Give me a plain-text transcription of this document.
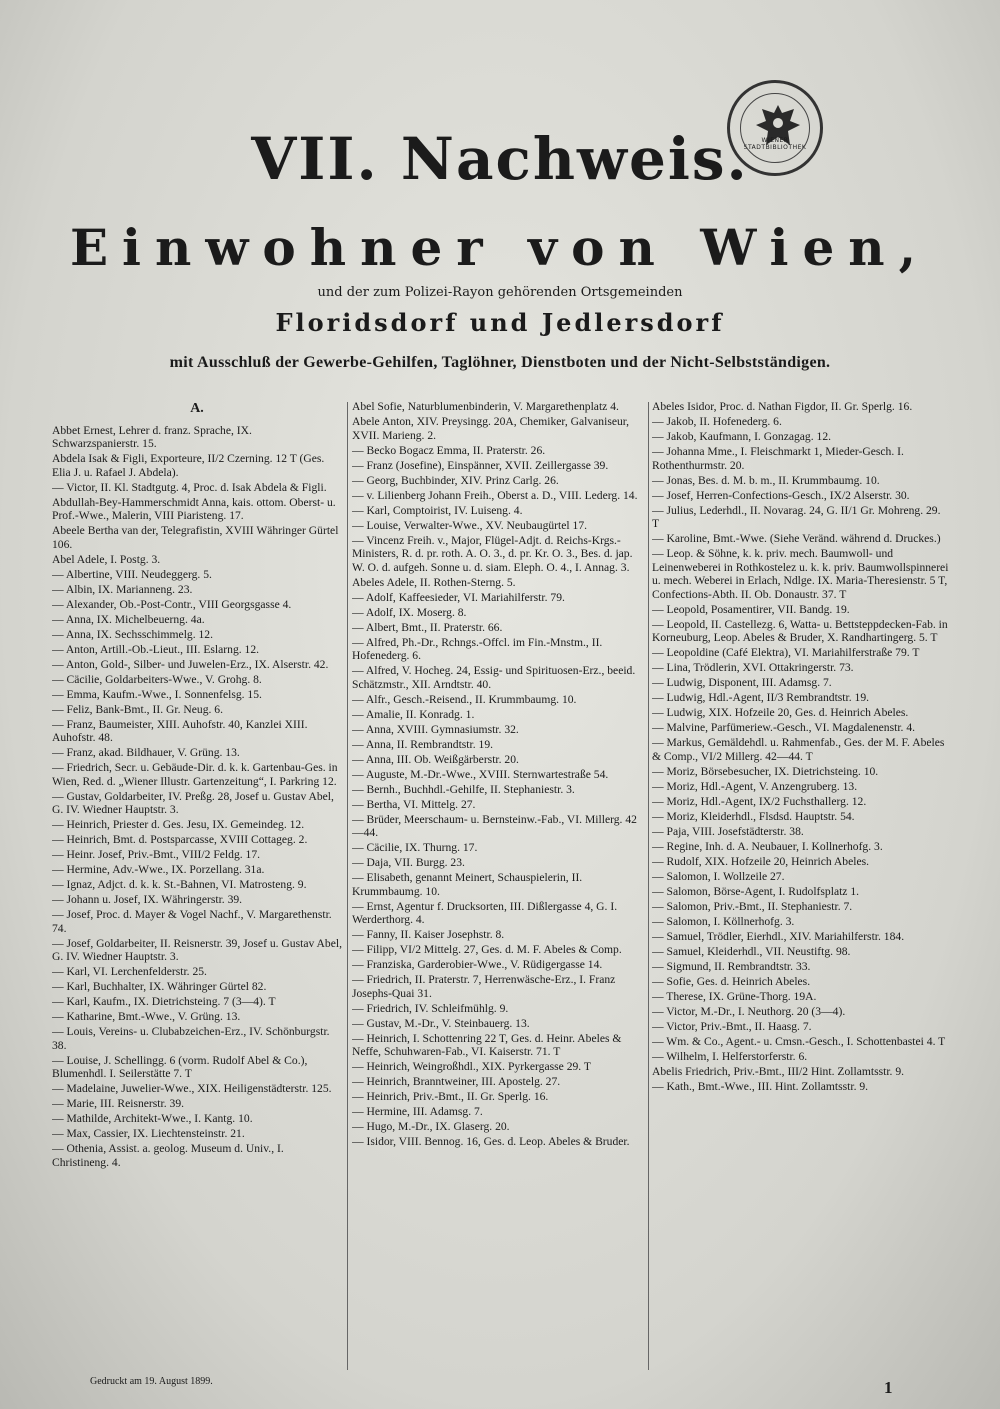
WIENER STADTBIBLIOTHEK
VII. Nachweis.
Einwohner von Wien,
und der zum Polizei-Rayon gehörenden Ortsgemeinden
Floridsdorf und Jedlersdorf
mit Ausschluß der Gewerbe-Gehilfen, Taglöhner, Dienstboten und der Nicht-Selbstständigen.
A.
Abbet Ernest, Lehrer d. franz. Sprache, IX. Schwarzspanierstr. 15.
Abdela Isak & Figli, Exporteure, II/2 Czerning. 12 T (Ges. Elia J. u. Rafael J. Abdela).
— Victor, II. Kl. Stadtgutg. 4, Proc. d. Isak Abdela & Figli.
Abdullah-Bey-Hammerschmidt Anna, kais. ottom. Oberst- u. Prof.-Wwe., Malerin, VIII Piaristeng. 17.
Abeele Bertha van der, Telegrafistin, XVIII Währinger Gürtel 106.
Abel Adele, I. Postg. 3.
— Albertine, VIII. Neudeggerg. 5.
— Albin, IX. Marianneng. 23.
— Alexander, Ob.-Post-Contr., VIII Georgsgasse 4.
— Anna, IX. Michelbeuerng. 4a.
— Anna, IX. Sechsschimmelg. 12.
— Anton, Artill.-Ob.-Lieut., III. Eslarng. 12.
— Anton, Gold-, Silber- und Juwelen-Erz., IX. Alserstr. 42.
— Cäcilie, Goldarbeiters-Wwe., V. Grohg. 8.
— Emma, Kaufm.-Wwe., I. Sonnenfelsg. 15.
— Feliz, Bank-Bmt., II. Gr. Neug. 6.
— Franz, Baumeister, XIII. Auhofstr. 40, Kanzlei XIII. Auhofstr. 48.
— Franz, akad. Bildhauer, V. Grüng. 13.
— Friedrich, Secr. u. Gebäude-Dir. d. k. k. Gartenbau-Ges. in Wien, Red. d. „Wiener Illustr. Gartenzeitung“, I. Parkring 12.
— Gustav, Goldarbeiter, IV. Preßg. 28, Josef u. Gustav Abel, G. IV. Wiedner Hauptstr. 3.
— Heinrich, Priester d. Ges. Jesu, IX. Gemeindeg. 12.
— Heinrich, Bmt. d. Postsparcasse, XVIII Cottageg. 2.
— Heinr. Josef, Priv.-Bmt., VIII/2 Feldg. 17.
— Hermine, Adv.-Wwe., IX. Porzellang. 31a.
— Ignaz, Adjct. d. k. k. St.-Bahnen, VI. Matrosteng. 9.
— Johann u. Josef, IX. Währingerstr. 39.
— Josef, Proc. d. Mayer & Vogel Nachf., V. Margarethenstr. 74.
— Josef, Goldarbeiter, II. Reisnerstr. 39, Josef u. Gustav Abel, G. IV. Wiedner Hauptstr. 3.
— Karl, VI. Lerchenfelderstr. 25.
— Karl, Buchhalter, IX. Währinger Gürtel 82.
— Karl, Kaufm., IX. Dietrichsteing. 7 (3—4). T
— Katharine, Bmt.-Wwe., V. Grüng. 13.
— Louis, Vereins- u. Clubabzeichen-Erz., IV. Schönburgstr. 38.
— Louise, J. Schellingg. 6 (vorm. Rudolf Abel & Co.), Blumenhdl. I. Seilerstätte 7. T
— Madelaine, Juwelier-Wwe., XIX. Heiligenstädterstr. 125.
— Marie, III. Reisnerstr. 39.
— Mathilde, Architekt-Wwe., I. Kantg. 10.
— Max, Cassier, IX. Liechtensteinstr. 21.
— Othenia, Assist. a. geolog. Museum d. Univ., I. Christineng. 4.
Abel Sofie, Naturblumenbinderin, V. Margarethenplatz 4.
Abele Anton, XIV. Preysingg. 20A, Chemiker, Galvaniseur, XVII. Marieng. 2.
— Becko Bogacz Emma, II. Praterstr. 26.
— Franz (Josefine), Einspänner, XVII. Zeillergasse 39.
— Georg, Buchbinder, XIV. Prinz Carlg. 26.
— v. Lilienberg Johann Freih., Oberst a. D., VIII. Lederg. 14.
— Karl, Comptoirist, IV. Luiseng. 4.
— Louise, Verwalter-Wwe., XV. Neubaugürtel 17.
— Vincenz Freih. v., Major, Flügel-Adjt. d. Reichs-Krgs.-Ministers, R. d. pr. roth. A. O. 3., d. pr. Kr. O. 3., Bes. d. jap. W. O. d. aufgeh. Sonne u. d. siam. Eleph. O. 4., I. Annag. 3.
Abeles Adele, II. Rothen-Sterng. 5.
— Adolf, Kaffeesieder, VI. Mariahilferstr. 79.
— Adolf, IX. Moserg. 8.
— Albert, Bmt., II. Praterstr. 66.
— Alfred, Ph.-Dr., Rchngs.-Offcl. im Fin.-Mnstm., II. Hofenederg. 6.
— Alfred, V. Hocheg. 24, Essig- und Spirituosen-Erz., beeid. Schätzmstr., XII. Arndtstr. 40.
— Alfr., Gesch.-Reisend., II. Krummbaumg. 10.
— Amalie, II. Konradg. 1.
— Anna, XVIII. Gymnasiumstr. 32.
— Anna, II. Rembrandtstr. 19.
— Anna, III. Ob. Weißgärberstr. 20.
— Auguste, M.-Dr.-Wwe., XVIII. Sternwartestraße 54.
— Bernh., Buchhdl.-Gehilfe, II. Stephaniestr. 3.
— Bertha, VI. Mittelg. 27.
— Brüder, Meerschaum- u. Bernsteinw.-Fab., VI. Millerg. 42—44.
— Cäcilie, IX. Thurng. 17.
— Daja, VII. Burgg. 23.
— Elisabeth, genannt Meinert, Schauspielerin, II. Krummbaumg. 10.
— Ernst, Agentur f. Drucksorten, III. Dißlergasse 4, G. I. Werderthorg. 4.
— Fanny, II. Kaiser Josephstr. 8.
— Filipp, VI/2 Mittelg. 27, Ges. d. M. F. Abeles & Comp.
— Franziska, Garderobier-Wwe., V. Rüdigergasse 14.
— Friedrich, II. Praterstr. 7, Herrenwäsche-Erz., I. Franz Josephs-Quai 31.
— Friedrich, IV. Schleifmühlg. 9.
— Gustav, M.-Dr., V. Steinbauerg. 13.
— Heinrich, I. Schottenring 22 T, Ges. d. Heinr. Abeles & Neffe, Schuhwaren-Fab., VI. Kaiserstr. 71. T
— Heinrich, Weingroßhdl., XIX. Pyrkergasse 29. T
— Heinrich, Branntweiner, III. Apostelg. 27.
— Heinrich, Priv.-Bmt., II. Gr. Sperlg. 16.
— Hermine, III. Adamsg. 7.
— Hugo, M.-Dr., IX. Glaserg. 20.
— Isidor, VIII. Bennog. 16, Ges. d. Leop. Abeles & Bruder.
Abeles Isidor, Proc. d. Nathan Figdor, II. Gr. Sperlg. 16.
— Jakob, II. Hofenederg. 6.
— Jakob, Kaufmann, I. Gonzagag. 12.
— Johanna Mme., I. Fleischmarkt 1, Mieder-Gesch. I. Rothenthurmstr. 20.
— Jonas, Bes. d. M. b. m., II. Krummbaumg. 10.
— Josef, Herren-Confections-Gesch., IX/2 Alserstr. 30.
— Julius, Lederhdl., II. Novarag. 24, G. II/1 Gr. Mohreng. 29. T
— Karoline, Bmt.-Wwe. (Siehe Veränd. während d. Druckes.)
— Leop. & Söhne, k. k. priv. mech. Baumwoll- und Leinenweberei in Rothkostelez u. k. k. priv. Baumwollspinnerei u. mech. Weberei in Erlach, Ndlge. IX. Maria-Theresienstr. 5 T, Confections-Abth. II. Ob. Donaustr. 37. T
— Leopold, Posamentirer, VII. Bandg. 19.
— Leopold, II. Castellezg. 6, Watta- u. Bettsteppdecken-Fab. in Korneuburg, Leop. Abeles & Bruder, X. Randhartingerg. 5. T
— Leopoldine (Café Elektra), VI. Mariahilferstraße 79. T
— Lina, Trödlerin, XVI. Ottakringerstr. 73.
— Ludwig, Disponent, III. Adamsg. 7.
— Ludwig, Hdl.-Agent, II/3 Rembrandtstr. 19.
— Ludwig, XIX. Hofzeile 20, Ges. d. Heinrich Abeles.
— Malvine, Parfümeriew.-Gesch., VI. Magdalenenstr. 4.
— Markus, Gemäldehdl. u. Rahmenfab., Ges. der M. F. Abeles & Comp., VI/2 Millerg. 42—44. T
— Moriz, Börsebesucher, IX. Dietrichsteing. 10.
— Moriz, Hdl.-Agent, V. Anzengruberg. 13.
— Moriz, Hdl.-Agent, IX/2 Fuchsthallerg. 12.
— Moriz, Kleiderhdl., Flsdsd. Hauptstr. 54.
— Paja, VIII. Josefstädterstr. 38.
— Regine, Inh. d. A. Neubauer, I. Kollnerhofg. 3.
— Rudolf, XIX. Hofzeile 20, Heinrich Abeles.
— Salomon, I. Wollzeile 27.
— Salomon, Börse-Agent, I. Rudolfsplatz 1.
— Salomon, Priv.-Bmt., II. Stephaniestr. 7.
— Salomon, I. Köllnerhofg. 3.
— Samuel, Trödler, Eierhdl., XIV. Mariahilferstr. 184.
— Samuel, Kleiderhdl., VII. Neustiftg. 98.
— Sigmund, II. Rembrandtstr. 33.
— Sofie, Ges. d. Heinrich Abeles.
— Therese, IX. Grüne-Thorg. 19A.
— Victor, M.-Dr., I. Neuthorg. 20 (3—4).
— Victor, Priv.-Bmt., II. Haasg. 7.
— Wm. & Co., Agent.- u. Cmsn.-Gesch., I. Schottenbastei 4. T
— Wilhelm, I. Helferstorferstr. 6.
Abelis Friedrich, Priv.-Bmt., III/2 Hint. Zollamtsstr. 9.
— Kath., Bmt.-Wwe., III. Hint. Zollamtsstr. 9.
Gedruckt am 19. August 1899.	1
